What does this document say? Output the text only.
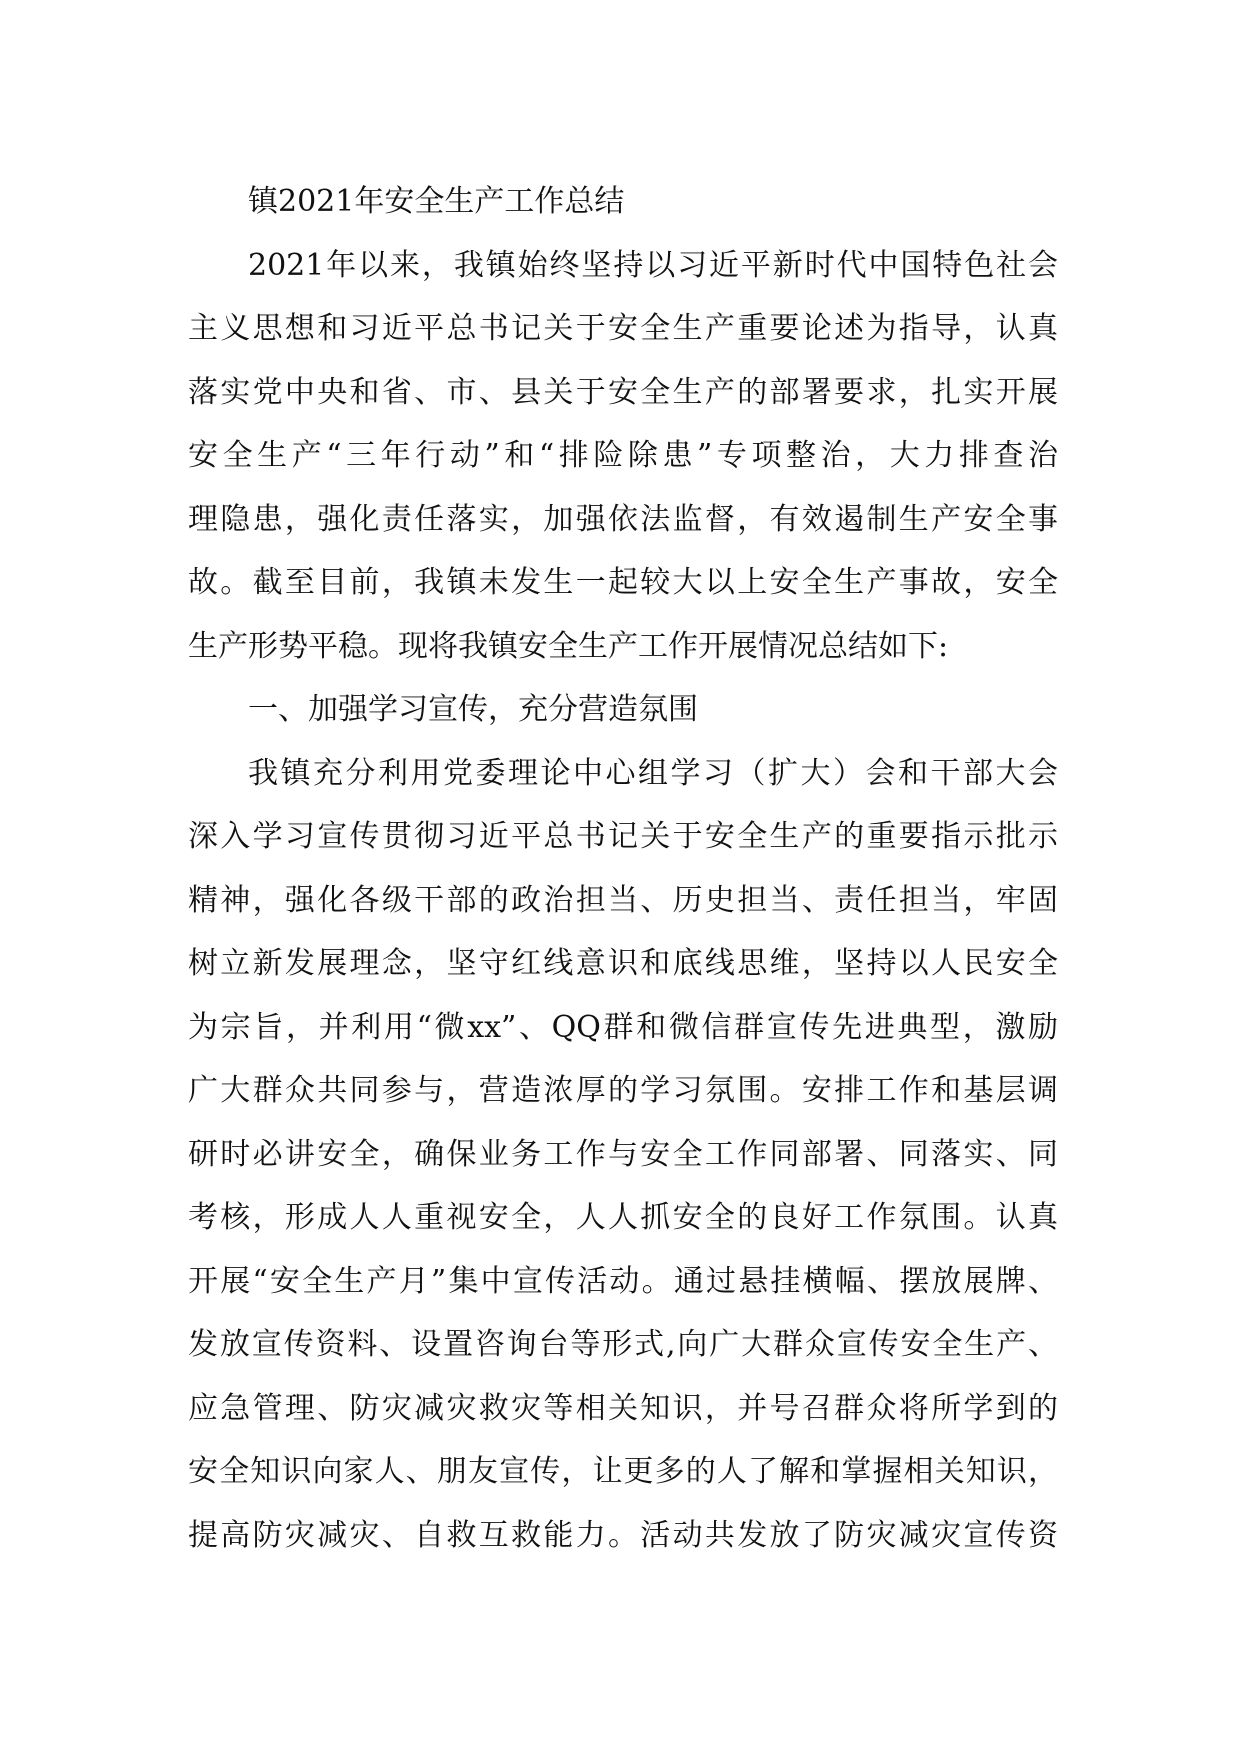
镇2021年安全生产工作总结
2021年以来，我镇始终坚持以习近平新时代中国特色社会
主义思想和习近平总书记关于安全生产重要论述为指导，认真
落实党中央和省、市、县关于安全生产的部署要求，扎实开展
安全生产“三年行动”和“排险除患”专项整治，大力排查治
理隐患，强化责任落实，加强依法监督，有效遏制生产安全事
故。截至目前，我镇未发生一起较大以上安全生产事故，安全
生产形势平稳。现将我镇安全生产工作开展情况总结如下:
一、加强学习宣传，充分营造氛围
我镇充分利用党委理论中心组学习（扩大）会和干部大会
深入学习宣传贯彻习近平总书记关于安全生产的重要指示批示
精神，强化各级干部的政治担当、历史担当、责任担当，牢固
树立新发展理念，坚守红线意识和底线思维，坚持以人民安全
为宗旨，并利用“微xx”、QQ群和微信群宣传先进典型，激励
广大群众共同参与，营造浓厚的学习氛围。安排工作和基层调
研时必讲安全，确保业务工作与安全工作同部署、同落实、同
考核，形成人人重视安全，人人抓安全的良好工作氛围。认真
开展“安全生产月”集中宣传活动。通过悬挂横幅、摆放展牌、
发放宣传资料、设置咨询台等形式,向广大群众宣传安全生产、
应急管理、防灾减灾救灾等相关知识，并号召群众将所学到的
安全知识向家人、朋友宣传，让更多的人了解和掌握相关知识，
提高防灾减灾、自救互救能力。活动共发放了防灾减灾宣传资
